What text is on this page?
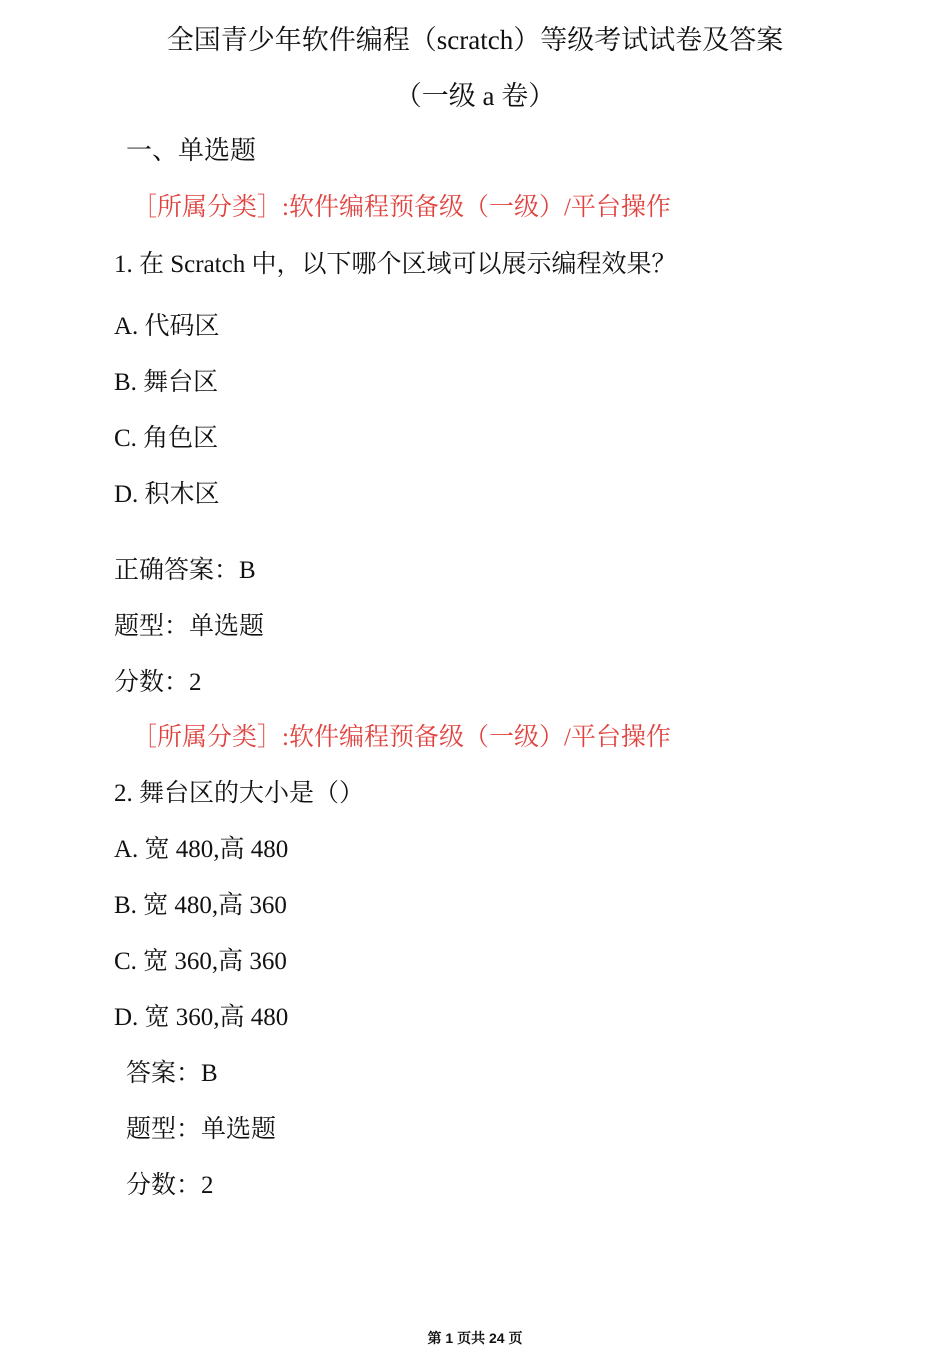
全国青少年软件编程（scratch）等级考试试卷及答案
（一级 a 卷）
一、单选题
［所属分类］:软件编程预备级（一级）/平台操作
1. 在 Scratch 中，以下哪个区域可以展示编程效果？
A. 代码区
B. 舞台区
C. 角色区
D. 积木区
正确答案：B
题型：单选题
分数：2
［所属分类］:软件编程预备级（一级）/平台操作
2. 舞台区的大小是（）
A. 宽 480,高 480
B. 宽 480,高 360
C. 宽 360,高 360
D. 宽 360,高 480
答案：B
题型：单选题
分数：2
第 1 页共 24 页
